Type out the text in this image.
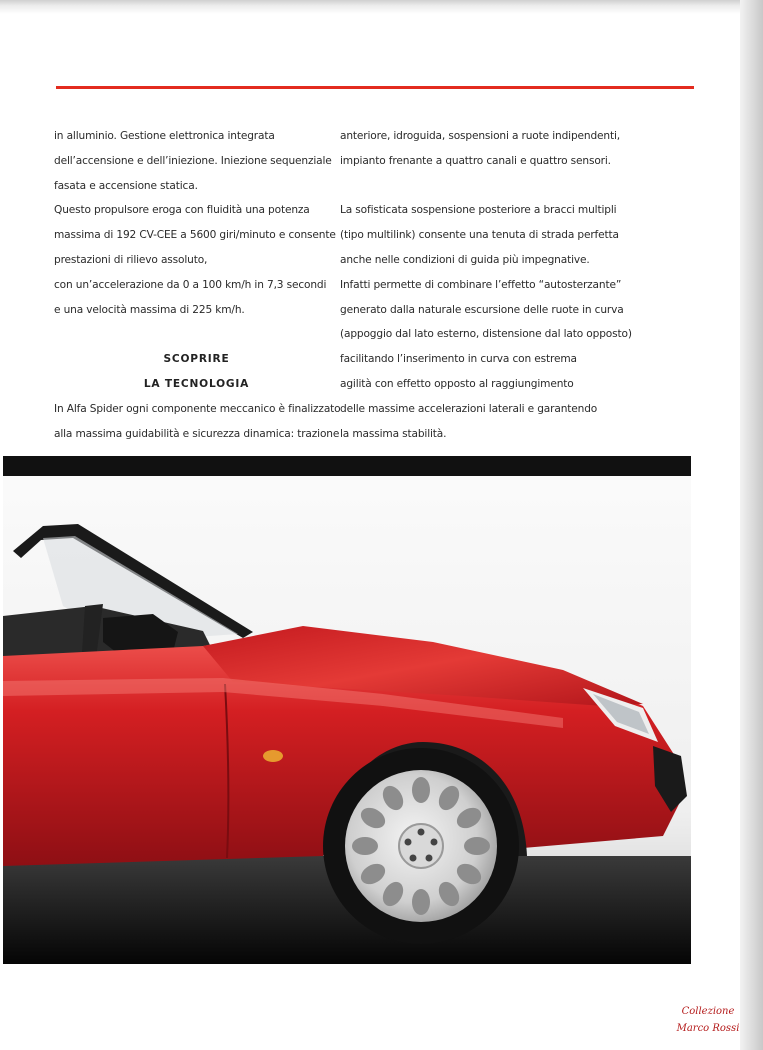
in alluminio. Gestione elettronica integrata
dell’accensione e dell’iniezione. Iniezione sequenziale
fasata e accensione statica.
Questo propulsore eroga con fluidità una potenza
massima di 192 CV-CEE a 5600 giri/minuto e consente
prestazioni di rilievo assoluto,
con un’accelerazione da 0 a 100 km/h in 7,3 secondi
e una velocità massima di 225 km/h.
SCOPRIRE
LA TECNOLOGIA
In Alfa Spider ogni componente meccanico è finalizzato
alla massima guidabilità e sicurezza dinamica: trazione
anteriore, idroguida, sospensioni a ruote indipendenti,
impianto frenante a quattro canali e quattro sensori.
La sofisticata sospensione posteriore a bracci multipli
(tipo multilink) consente una tenuta di strada perfetta
anche nelle condizioni di guida più impegnative.
Infatti permette di combinare l’effetto “autosterzante”
generato dalla naturale escursione delle ruote in curva
(appoggio dal lato esterno, distensione dal lato opposto)
facilitando l’inserimento in curva con estrema
agilità con effetto opposto al raggiungimento
delle massime accelerazioni laterali e garantendo
la massima stabilità.
Collezione
Marco Rossi
